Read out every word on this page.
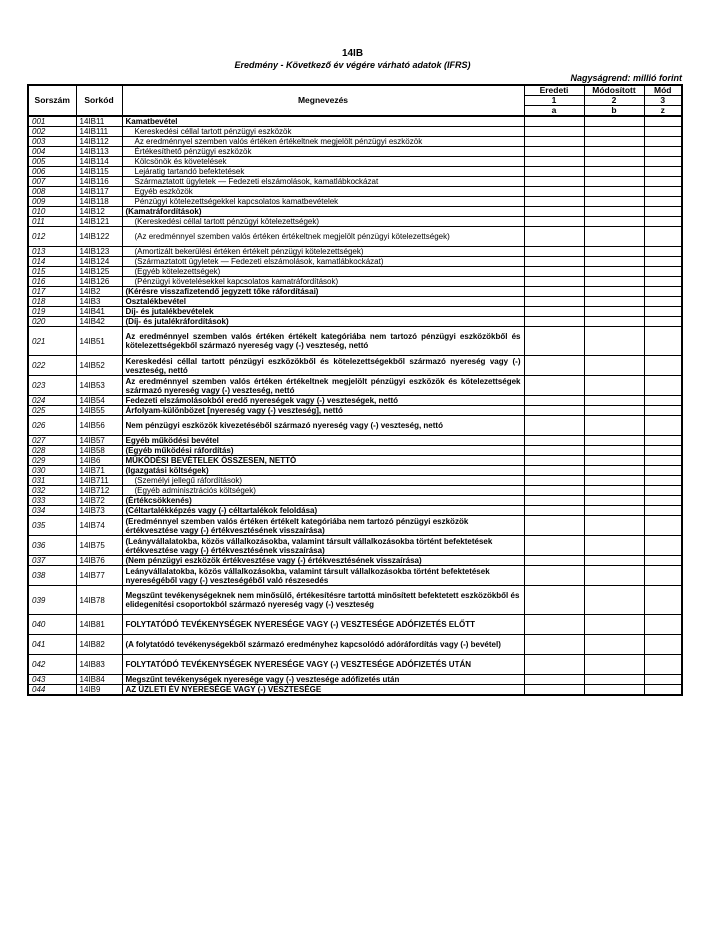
14IB
Eredmény - Következő év végére várható adatok (IFRS)
Nagyságrend: millió forint
Sorszám	Sorkód	Megnevezés	Eredeti	Módosított	Mód
			1	2	3
			a	b	z
001	14IB11	Kamatbevétel			
002	14IB111	Kereskedési céllal tartott pénzügyi eszközök			
003	14IB112	Az eredménnyel szemben valós értéken értékeltnek megjelölt pénzügyi eszközök			
004	14IB113	Értékesíthető pénzügyi eszközök			
005	14IB114	Kölcsönök és követelések			
006	14IB115	Lejáratig tartandó befektetések			
007	14IB116	Származtatott ügyletek — Fedezeti elszámolások, kamatlábkockázat			
008	14IB117	Egyéb eszközök			
009	14IB118	Pénzügyi kötelezettségekkel kapcsolatos kamatbevételek			
010	14IB12	(Kamatráfordítások)			
011	14IB121	(Kereskedési céllal tartott pénzügyi kötelezettségek)			
012	14IB122	(Az eredménnyel szemben valós értéken értékeltnek megjelölt pénzügyi kötelezettségek)			
013	14IB123	(Amortizált bekerülési értéken értékelt pénzügyi kötelezettségek)			
014	14IB124	(Származtatott ügyletek — Fedezeti elszámolások, kamatlábkockázat)			
015	14IB125	(Egyéb kötelezettségek)			
016	14IB126	(Pénzügyi követelésekkel kapcsolatos kamatráfordítások)			
017	14IB2	(Kérésre visszafizetendő jegyzett tőke ráfordításai)			
018	14IB3	Osztalékbevétel			
019	14IB41	Díj- és jutalékbevételek			
020	14IB42	(Díj- és jutalékráfordítások)			
021	14IB51	Az eredménnyel szemben valós értéken értékelt kategóriába nem tartozó pénzügyi eszközökből és kötelezettségekből származó nyereség vagy (-) veszteség, nettó			
022	14IB52	Kereskedési céllal tartott pénzügyi eszközökből és kötelezettségekből származó nyereség vagy (-) veszteség, nettó			
023	14IB53	Az eredménnyel szemben valós értéken értékeltnek megjelölt pénzügyi eszközök és kötelezettségek származó nyereség vagy (-) veszteség, nettó			
024	14IB54	Fedezeti elszámolásokból eredő nyereségek vagy (-) veszteségek, nettó			
025	14IB55	Árfolyam-különbözet [nyereség vagy (-) veszteség], nettó			
026	14IB56	Nem pénzügyi eszközök kivezetéséből származó nyereség vagy (-) veszteség, nettó			
027	14IB57	Egyéb működési bevétel			
028	14IB58	(Egyéb működési ráfordítás)			
029	14IB6	MŰKÖDÉSI BEVÉTELEK ÖSSZESEN, NETTÓ			
030	14IB71	(Igazgatási költségek)			
031	14IB711	(Személyi jellegű ráfordítások)			
032	14IB712	(Egyéb adminisztrációs költségek)			
033	14IB72	(Értékcsökkenés)			
034	14IB73	(Céltartalékképzés vagy (-) céltartalékok feloldása)			
035	14IB74	(Eredménnyel szemben valós értéken értékelt kategóriába nem tartozó pénzügyi eszközök értékvesztése vagy (-) értékvesztésének visszaírása)			
036	14IB75	(Leányvállalatokba, közös vállalkozásokba, valamint társult vállalkozásokba történt befektetések értékvesztése vagy (-) értékvesztésének visszaírása)			
037	14IB76	(Nem pénzügyi eszközök értékvesztése vagy (-) értékvesztésének visszaírása)			
038	14IB77	Leányvállalatokba, közös vállalkozásokba, valamint társult vállalkozásokba történt befektetések nyereségéből vagy (-) veszteségéből való részesedés			
039	14IB78	Megszűnt tevékenységeknek nem minősülő, értékesítésre tartottá minősített befektetett eszközökből és elidegenítési csoportokból származó nyereség vagy (-) veszteség			
040	14IB81	FOLYTATÓDÓ TEVÉKENYSÉGEK NYERESÉGE VAGY (-) VESZTESÉGE ADÓFIZETÉS ELŐTT			
041	14IB82	(A folytatódó tevékenységekből származó eredményhez kapcsolódó adóráfordítás vagy (-) bevétel)			
042	14IB83	FOLYTATÓDÓ TEVÉKENYSÉGEK NYERESÉGE VAGY (-) VESZTESÉGE ADÓFIZETÉS UTÁN			
043	14IB84	Megszűnt tevékenységek nyeresége vagy (-) vesztesége adófizetés után			
044	14IB9	AZ ÜZLETI ÉV NYERESÉGE VAGY (-) VESZTESÉGE			
